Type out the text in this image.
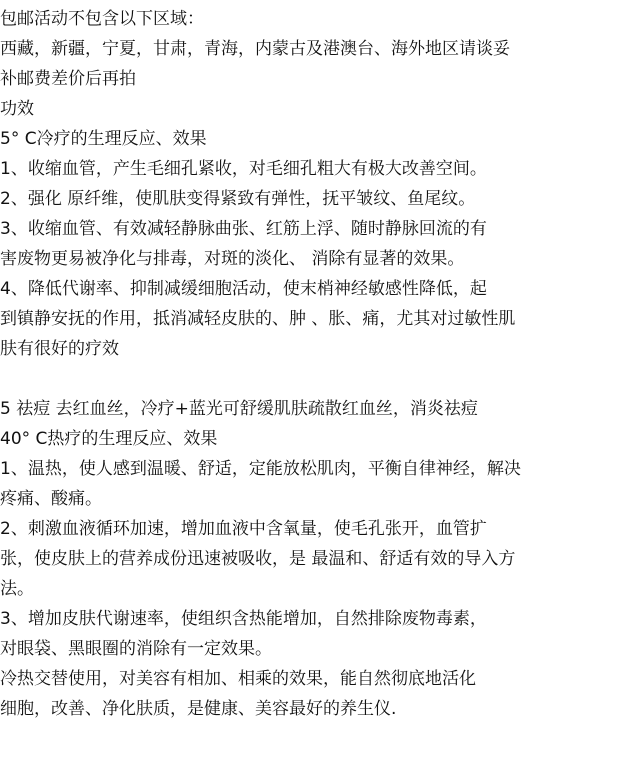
包邮活动不包含以下区域：
西藏，新疆，宁夏，甘肃，青海，内蒙古及港澳台、海外地区请谈妥
补邮费差价后再拍
功效
5° C冷疗的生理反应、效果
1、收缩血管，产生毛细孔紧收，对毛细孔粗大有极大改善空间。
2、强化 原纤维，使肌肤变得紧致有弹性，抚平皱纹、鱼尾纹。
3、收缩血管、有效减轻静脉曲张、红筋上浮、随时静脉回流的有
害废物更易被净化与排毒，对斑的淡化、 消除有显著的效果。
4、降低代谢率、抑制减缓细胞活动，使末梢神经敏感性降低，起
到镇静安抚的作用，抵消减轻皮肤的、肿 、胀、痛，尤其对过敏性肌
肤有很好的疗效
5 祛痘 去红血丝，冷疗+蓝光可舒缓肌肤疏散红血丝，消炎祛痘
40° C热疗的生理反应、效果
1、温热，使人感到温暖、舒适，定能放松肌肉，平衡自律神经，解决
疼痛、酸痛。
2、刺激血液循环加速，增加血液中含氧量，使毛孔张开，血管扩
张，使皮肤上的营养成份迅速被吸收，是 最温和、舒适有效的导入方
法。
3、增加皮肤代谢速率，使组织含热能增加，自然排除废物毒素，
对眼袋、黑眼圈的消除有一定效果。
冷热交替使用，对美容有相加、相乘的效果，能自然彻底地活化
细胞，改善、净化肤质，是健康、美容最好的养生仪.
